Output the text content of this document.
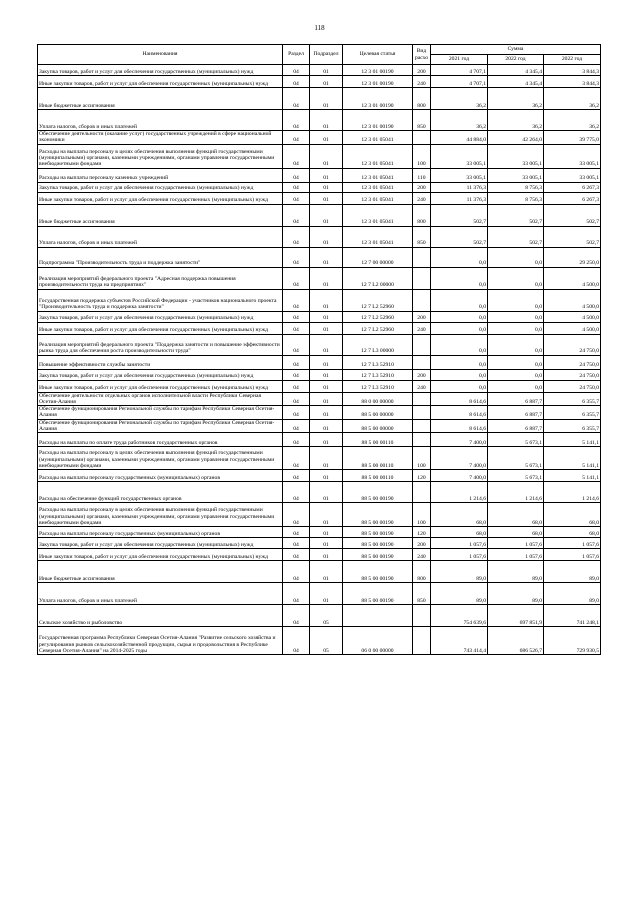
118
Наименования	Раздел	Подраздел	Целевая статья	Вид расхо	Сумма		
					2021 год	2022 год	2022 год
Закупка товаров, работ и услуг для обеспечения государственных (муниципальных) нужд	04	01	12 3 01 00190	200	4 707,1	4 345,4	3 844,3
Иные закупки товаров, работ и услуг для обеспечения государственных (муниципальных) нужд	04	01	12 3 01 00190	240	4 707,1	4 345,4	3 844,3
Иные бюджетные ассигнования	04	01	12 3 01 00190	800	36,2	36,2	36,2
Уплата налогов, сборов и иных платежей	04	01	12 3 01 00190	850	36,2	36,2	36,2
Обеспечение деятельности (оказание услуг) государственных учреждений в сфере национальной экономики	04	01	12 3 01 05041		44 884,0	42 264,0	39 775,0
Расходы на выплаты персоналу в целях обеспечения выполнения функций государственными (муниципальными) органами, казенными учреждениями, органами управления государственными внебюджетными фондами	04	01	12 3 01 05041	100	33 005,1	33 005,1	33 005,1
Расходы на выплаты персоналу казенных учреждений	04	01	12 3 01 05041	110	33 005,1	33 005,1	33 005,1
Закупка товаров, работ и услуг для обеспечения государственных (муниципальных) нужд	04	01	12 3 01 05041	200	11 376,3	8 756,3	6 267,3
Иные закупки товаров, работ и услуг для обеспечения государственных (муниципальных) нужд	04	01	12 3 01 05041	240	11 376,3	8 756,3	6 267,3
Иные бюджетные ассигнования	04	01	12 3 01 05041	800	502,7	502,7	502,7
Уплата налогов, сборов и иных платежей	04	01	12 3 01 05041	850	502,7	502,7	502,7
Подпрограмма "Производительность труда и поддержка занятости"	04	01	12 7 00 00000		0,0	0,0	29 250,0
Реализация мероприятий федерального проекта "Адресная поддержка повышения производительности труда на предприятиях"	04	01	12 7 L2 00000		0,0	0,0	4 500,0
Государственная поддержка субъектов Российской Федерации - участников национального проекта "Производительность труда и поддержка занятости"	04	01	12 7 L2 52960		0,0	0,0	4 500,0
Закупка товаров, работ и услуг для обеспечения государственных (муниципальных) нужд	04	01	12 7 L2 52960	200	0,0	0,0	4 500,0
Иные закупки товаров, работ и услуг для обеспечения государственных (муниципальных) нужд	04	01	12 7 L2 52960	240	0,0	0,0	4 500,0
Реализация мероприятий федерального проекта "Поддержка занятости и повышение эффективности рынка труда для обеспечения роста производительности труда"	04	01	12 7 L3 00000		0,0	0,0	24 750,0
Повышение эффективности службы занятости	04	01	12 7 L3 52910		0,0	0,0	24 750,0
Закупка товаров, работ и услуг для обеспечения государственных (муниципальных) нужд	04	01	12 7 L3 52910	200	0,0	0,0	24 750,0
Иные закупки товаров, работ и услуг для обеспечения государственных (муниципальных) нужд	04	01	12 7 L3 52910	240	0,0	0,0	24 750,0
Обеспечение деятельности отдельных органов исполнительной власти Республики Северная Осетия-Алания	04	01	88 0 00 00000		8 614,6	6 887,7	6 355,7
Обеспечение функционирования Региональной службы по тарифам Республики Северная Осетия-Алания	04	01	88 5 00 00000		8 614,6	6 887,7	6 355,7
Обеспечение функционирования Региональной службы по тарифам Республики Северная Осетия-Алания	04	01	88 5 00 00000		8 614,6	6 887,7	6 355,7
Расходы на выплаты по оплате труда работников государственных органов	04	01	88 5 00 00110		7 400,0	5 673,1	5 141,1
Расходы на выплаты персоналу в целях обеспечения выполнения функций государственными (муниципальными) органами, казенными учреждениями, органами управления государственными внебюджетными фондами	04	01	88 5 00 00110	100	7 400,0	5 673,1	5 141,1
Расходы на выплаты персоналу государственных (муниципальных) органов	04	01	88 5 00 00110	120	7 400,0	5 673,1	5 141,1
Расходы на обеспечение функций государственных органов	04	01	88 5 00 00190		1 214,6	1 214,6	1 214,6
Расходы на выплаты персоналу в целях обеспечения выполнения функций государственными (муниципальными) органами, казенными учреждениями, органами управления государственными внебюджетными фондами	04	01	88 5 00 00190	100	68,0	68,0	68,0
Расходы на выплаты персоналу государственных (муниципальных) органов	04	01	88 5 00 00190	120	68,0	68,0	68,0
Закупка товаров, работ и услуг для обеспечения государственных (муниципальных) нужд	04	01	88 5 00 00190	200	1 057,6	1 057,6	1 057,6
Иные закупки товаров, работ и услуг для обеспечения государственных (муниципальных) нужд	04	01	88 5 00 00190	240	1 057,6	1 057,6	1 057,6
Иные бюджетные ассигнования	04	01	88 5 00 00190	800	89,0	89,0	89,0
Уплата налогов, сборов и иных платежей	04	01	88 5 00 00190	850	89,0	89,0	89,0
Сельское хозяйство и рыболовство	04	05			754 639,6	697 851,9	741 248,1
Государственная программа Республики Северная Осетия-Алания "Развитие сельского хозяйства и регулирования рынков сельскохозяйственной продукции, сырья и продовольствия в Республике Северная Осетия-Алания" на 2014-2025 годы	04	05	06 0 00 00000		743 414,4	686 526,7	729 930,5
